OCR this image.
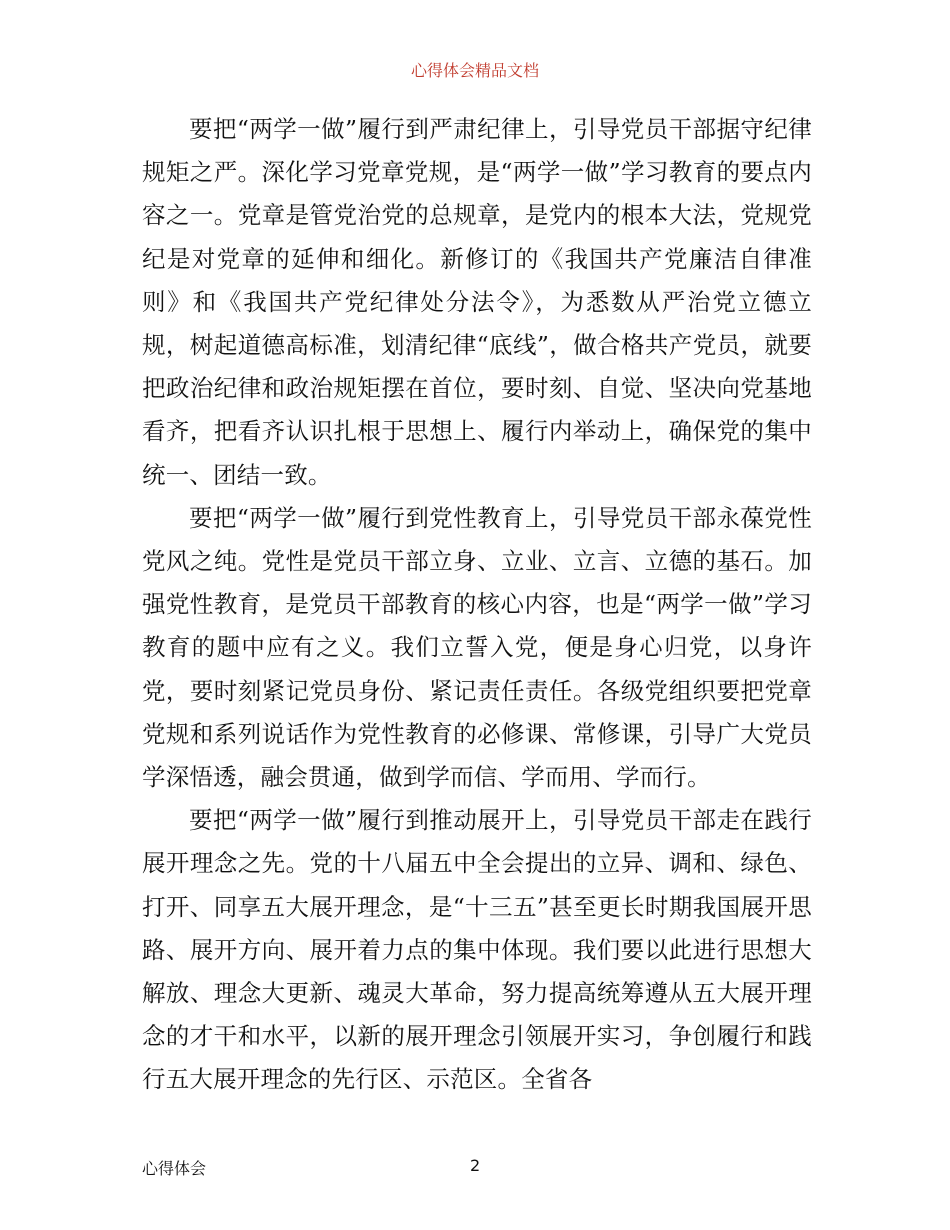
心得体会精品文档

要把“两学一做”履行到严肃纪律上，引导党员干部据守纪律规矩之严。深化学习党章党规，是“两学一做”学习教育的要点内容之一。党章是管党治党的总规章，是党内的根本大法，党规党纪是对党章的延伸和细化。新修订的《我国共产党廉洁自律准则》和《我国共产党纪律处分法令》，为悉数从严治党立德立规，树起道德高标准，划清纪律“底线”，做合格共产党员，就要把政治纪律和政治规矩摆在首位，要时刻、自觉、坚决向党基地看齐，把看齐认识扎根于思想上、履行内举动上，确保党的集中统一、团结一致。

要把“两学一做”履行到党性教育上，引导党员干部永葆党性党风之纯。党性是党员干部立身、立业、立言、立德的基石。加强党性教育，是党员干部教育的核心内容，也是“两学一做”学习教育的题中应有之义。我们立誓入党，便是身心归党，以身许党，要时刻紧记党员身份、紧记责任责任。各级党组织要把党章党规和系列说话作为党性教育的必修课、常修课，引导广大党员学深悟透，融会贯通，做到学而信、学而用、学而行。

要把“两学一做”履行到推动展开上，引导党员干部走在践行展开理念之先。党的十八届五中全会提出的立异、调和、绿色、打开、同享五大展开理念，是“十三五”甚至更长时期我国展开思路、展开方向、展开着力点的集中体现。我们要以此进行思想大解放、理念大更新、魂灵大革命，努力提高统筹遵从五大展开理念的才干和水平，以新的展开理念引领展开实习，争创履行和践行五大展开理念的先行区、示范区。全省各

心得体会	2
